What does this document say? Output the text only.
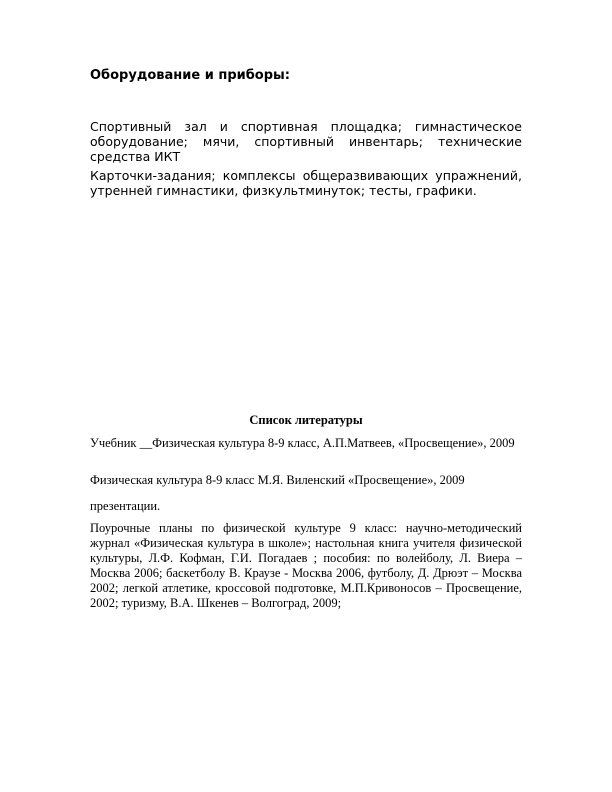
Оборудование и приборы:
Спортивный зал и спортивная площадка; гимнастическое оборудование; мячи, спортивный инвентарь; технические средства ИКТ
Карточки-задания; комплексы общеразвивающих упражнений, утренней гимнастики, физкультминуток; тесты, графики.
Список литературы
Учебник __Физическая культура 8-9 класс, А.П.Матвеев, «Просвещение», 2009
Физическая культура 8-9 класс М.Я. Виленский «Просвещение», 2009
презентации.
Поурочные планы по физической культуре 9 класс: научно-методический журнал «Физическая культура в школе»; настольная книга учителя физической культуры, Л.Ф. Кофман, Г.И. Погадаев ; пособия: по волейболу, Л. Виера – Москва 2006; баскетболу В. Краузе - Москва 2006, футболу, Д. Дрюэт – Москва 2002; легкой атлетике, кроссовой подготовке, М.П.Кривоносов – Просвещение, 2002; туризму, В.А. Шкенев – Волгоград, 2009;
